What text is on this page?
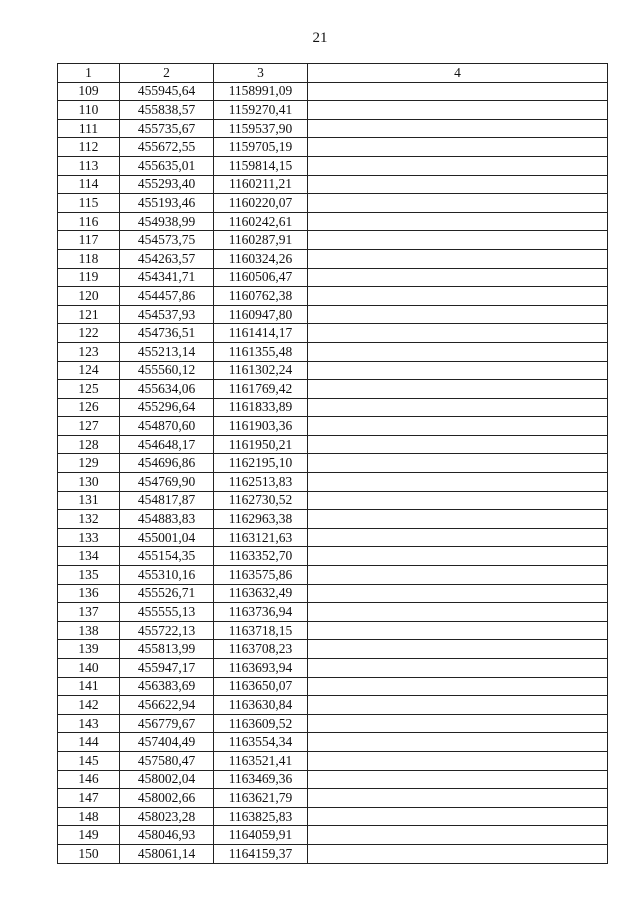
21
1	2	3	4
109	455945,64	1158991,09	
110	455838,57	1159270,41	
111	455735,67	1159537,90	
112	455672,55	1159705,19	
113	455635,01	1159814,15	
114	455293,40	1160211,21	
115	455193,46	1160220,07	
116	454938,99	1160242,61	
117	454573,75	1160287,91	
118	454263,57	1160324,26	
119	454341,71	1160506,47	
120	454457,86	1160762,38	
121	454537,93	1160947,80	
122	454736,51	1161414,17	
123	455213,14	1161355,48	
124	455560,12	1161302,24	
125	455634,06	1161769,42	
126	455296,64	1161833,89	
127	454870,60	1161903,36	
128	454648,17	1161950,21	
129	454696,86	1162195,10	
130	454769,90	1162513,83	
131	454817,87	1162730,52	
132	454883,83	1162963,38	
133	455001,04	1163121,63	
134	455154,35	1163352,70	
135	455310,16	1163575,86	
136	455526,71	1163632,49	
137	455555,13	1163736,94	
138	455722,13	1163718,15	
139	455813,99	1163708,23	
140	455947,17	1163693,94	
141	456383,69	1163650,07	
142	456622,94	1163630,84	
143	456779,67	1163609,52	
144	457404,49	1163554,34	
145	457580,47	1163521,41	
146	458002,04	1163469,36	
147	458002,66	1163621,79	
148	458023,28	1163825,83	
149	458046,93	1164059,91	
150	458061,14	1164159,37	
